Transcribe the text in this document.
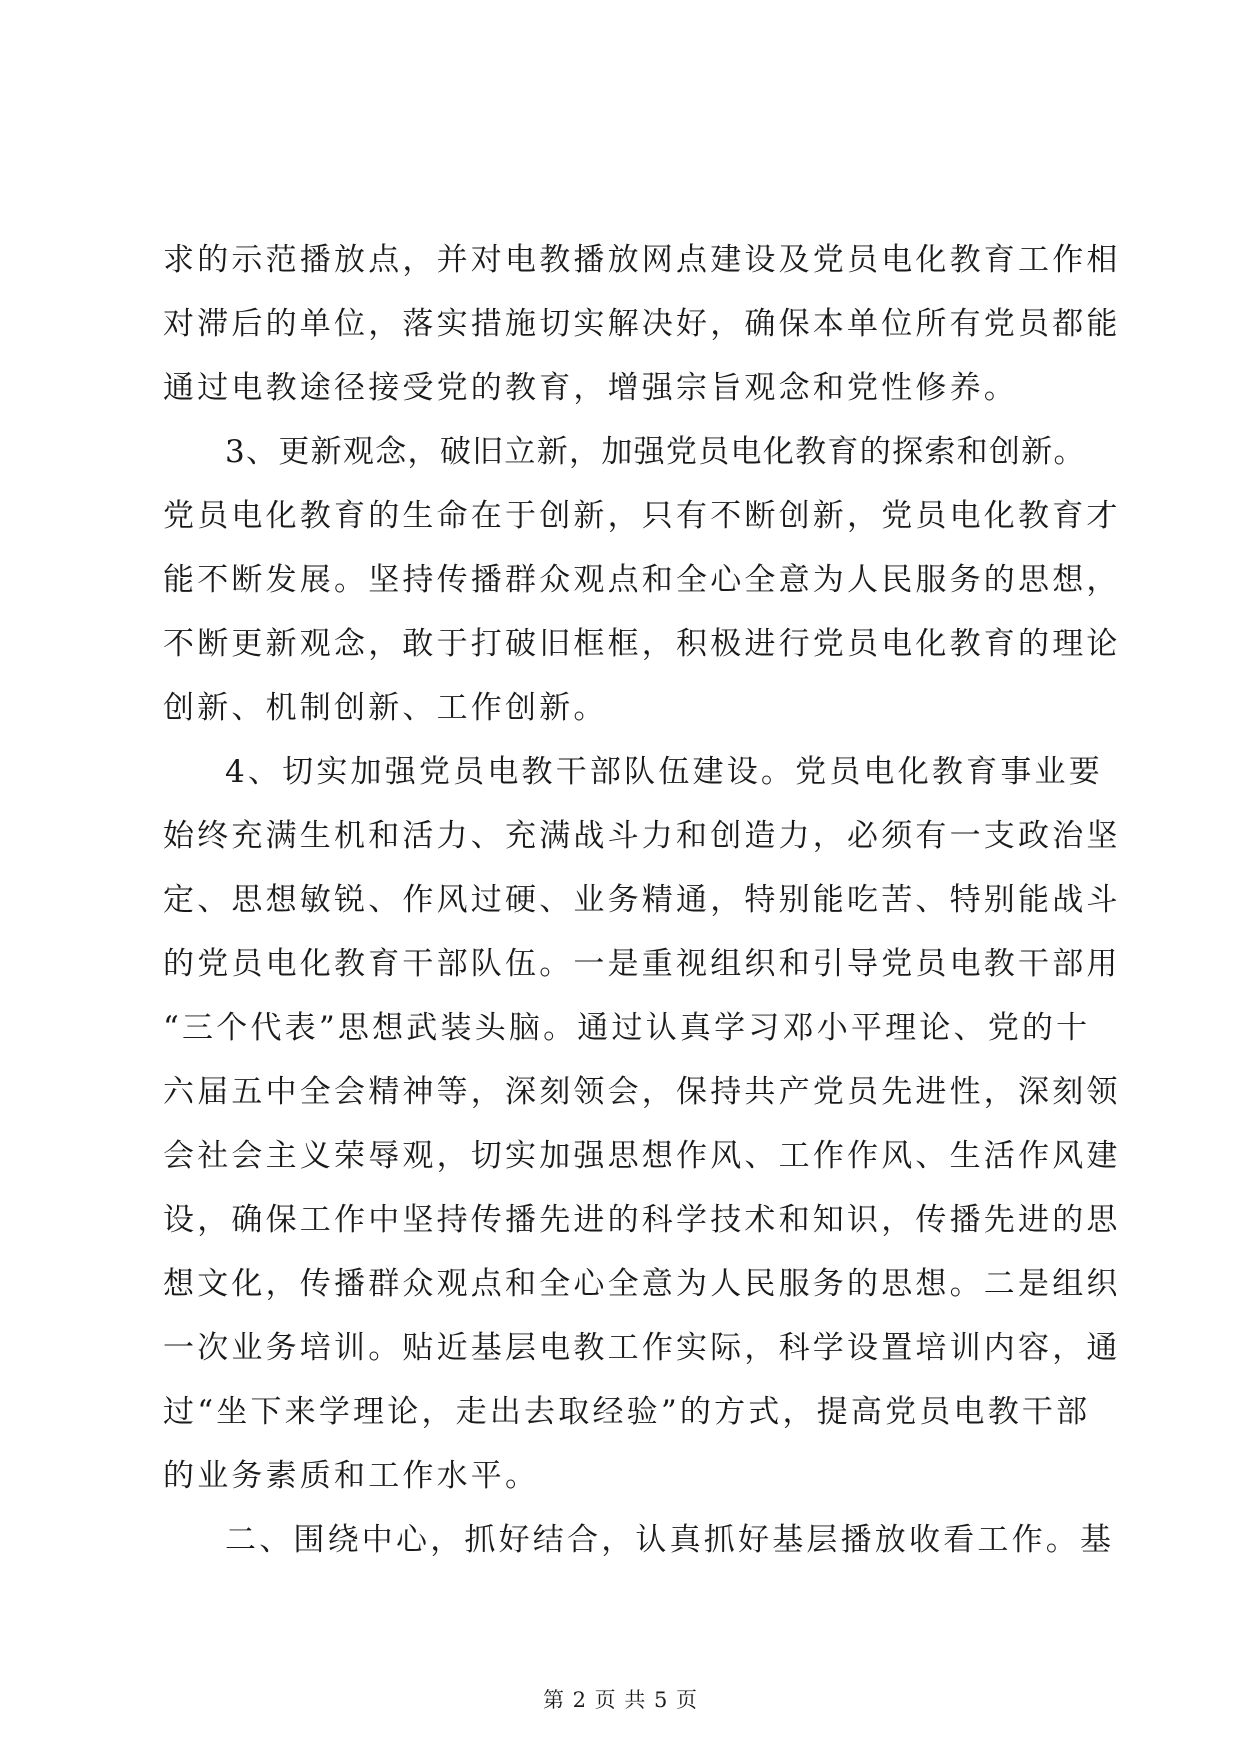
求的示范播放点，并对电教播放网点建设及党员电化教育工作相
对滞后的单位，落实措施切实解决好，确保本单位所有党员都能
通过电教途径接受党的教育，增强宗旨观念和党性修养。
3、更新观念，破旧立新，加强党员电化教育的探索和创新。
党员电化教育的生命在于创新，只有不断创新，党员电化教育才
能不断发展。坚持传播群众观点和全心全意为人民服务的思想，
不断更新观念，敢于打破旧框框，积极进行党员电化教育的理论
创新、机制创新、工作创新。
4、切实加强党员电教干部队伍建设。党员电化教育事业要
始终充满生机和活力、充满战斗力和创造力，必须有一支政治坚
定、思想敏锐、作风过硬、业务精通，特别能吃苦、特别能战斗
的党员电化教育干部队伍。一是重视组织和引导党员电教干部用
“三个代表”思想武装头脑。通过认真学习邓小平理论、党的十
六届五中全会精神等，深刻领会，保持共产党员先进性，深刻领
会社会主义荣辱观，切实加强思想作风、工作作风、生活作风建
设，确保工作中坚持传播先进的科学技术和知识，传播先进的思
想文化，传播群众观点和全心全意为人民服务的思想。二是组织
一次业务培训。贴近基层电教工作实际，科学设置培训内容，通
过“坐下来学理论，走出去取经验”的方式，提高党员电教干部
的业务素质和工作水平。
二、围绕中心，抓好结合，认真抓好基层播放收看工作。基
第 2 页 共 5 页
